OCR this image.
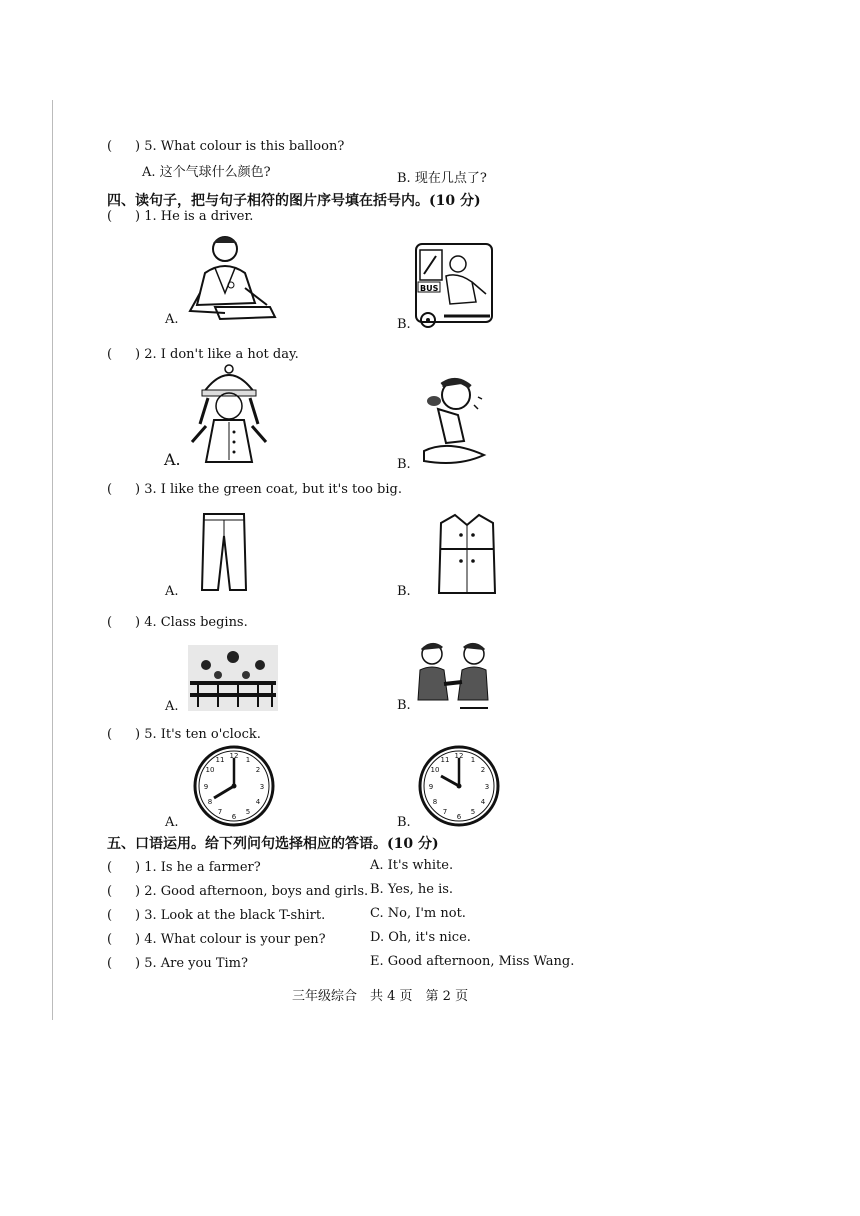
( ) 5. What colour is this balloon?
A. 这个气球什么颜色?	B. 现在几点了?
四、读句子，把与句子相符的图片序号填在括号内。(10 分)
( ) 1. He is a driver.
A.
BUS
B.
( ) 2. I don't like a hot day.
A.	B.
( ) 3. I like the green coat, but it's too big.
A.	B.
( ) 4. Class begins.
A.	B.
( ) 5. It's ten o'clock.
12 1
2
3
4
5
6
7
8
9
10
11
A.
12 1
2
3
4
5
6
7
8
9
10
11
B.
五、口语运用。给下列问句选择相应的答语。(10 分)
( ) 1. Is he a farmer?	A. It's white.
( ) 2. Good afternoon, boys and girls. B. Yes, he is.
( ) 3. Look at the black T-shirt.	C. No, I'm not.
( ) 4. What colour is your pen?	D. Oh, it's nice.
( ) 5. Are you Tim?	E. Good afternoon, Miss Wang.
三年级综合　共 4 页　第 2 页
